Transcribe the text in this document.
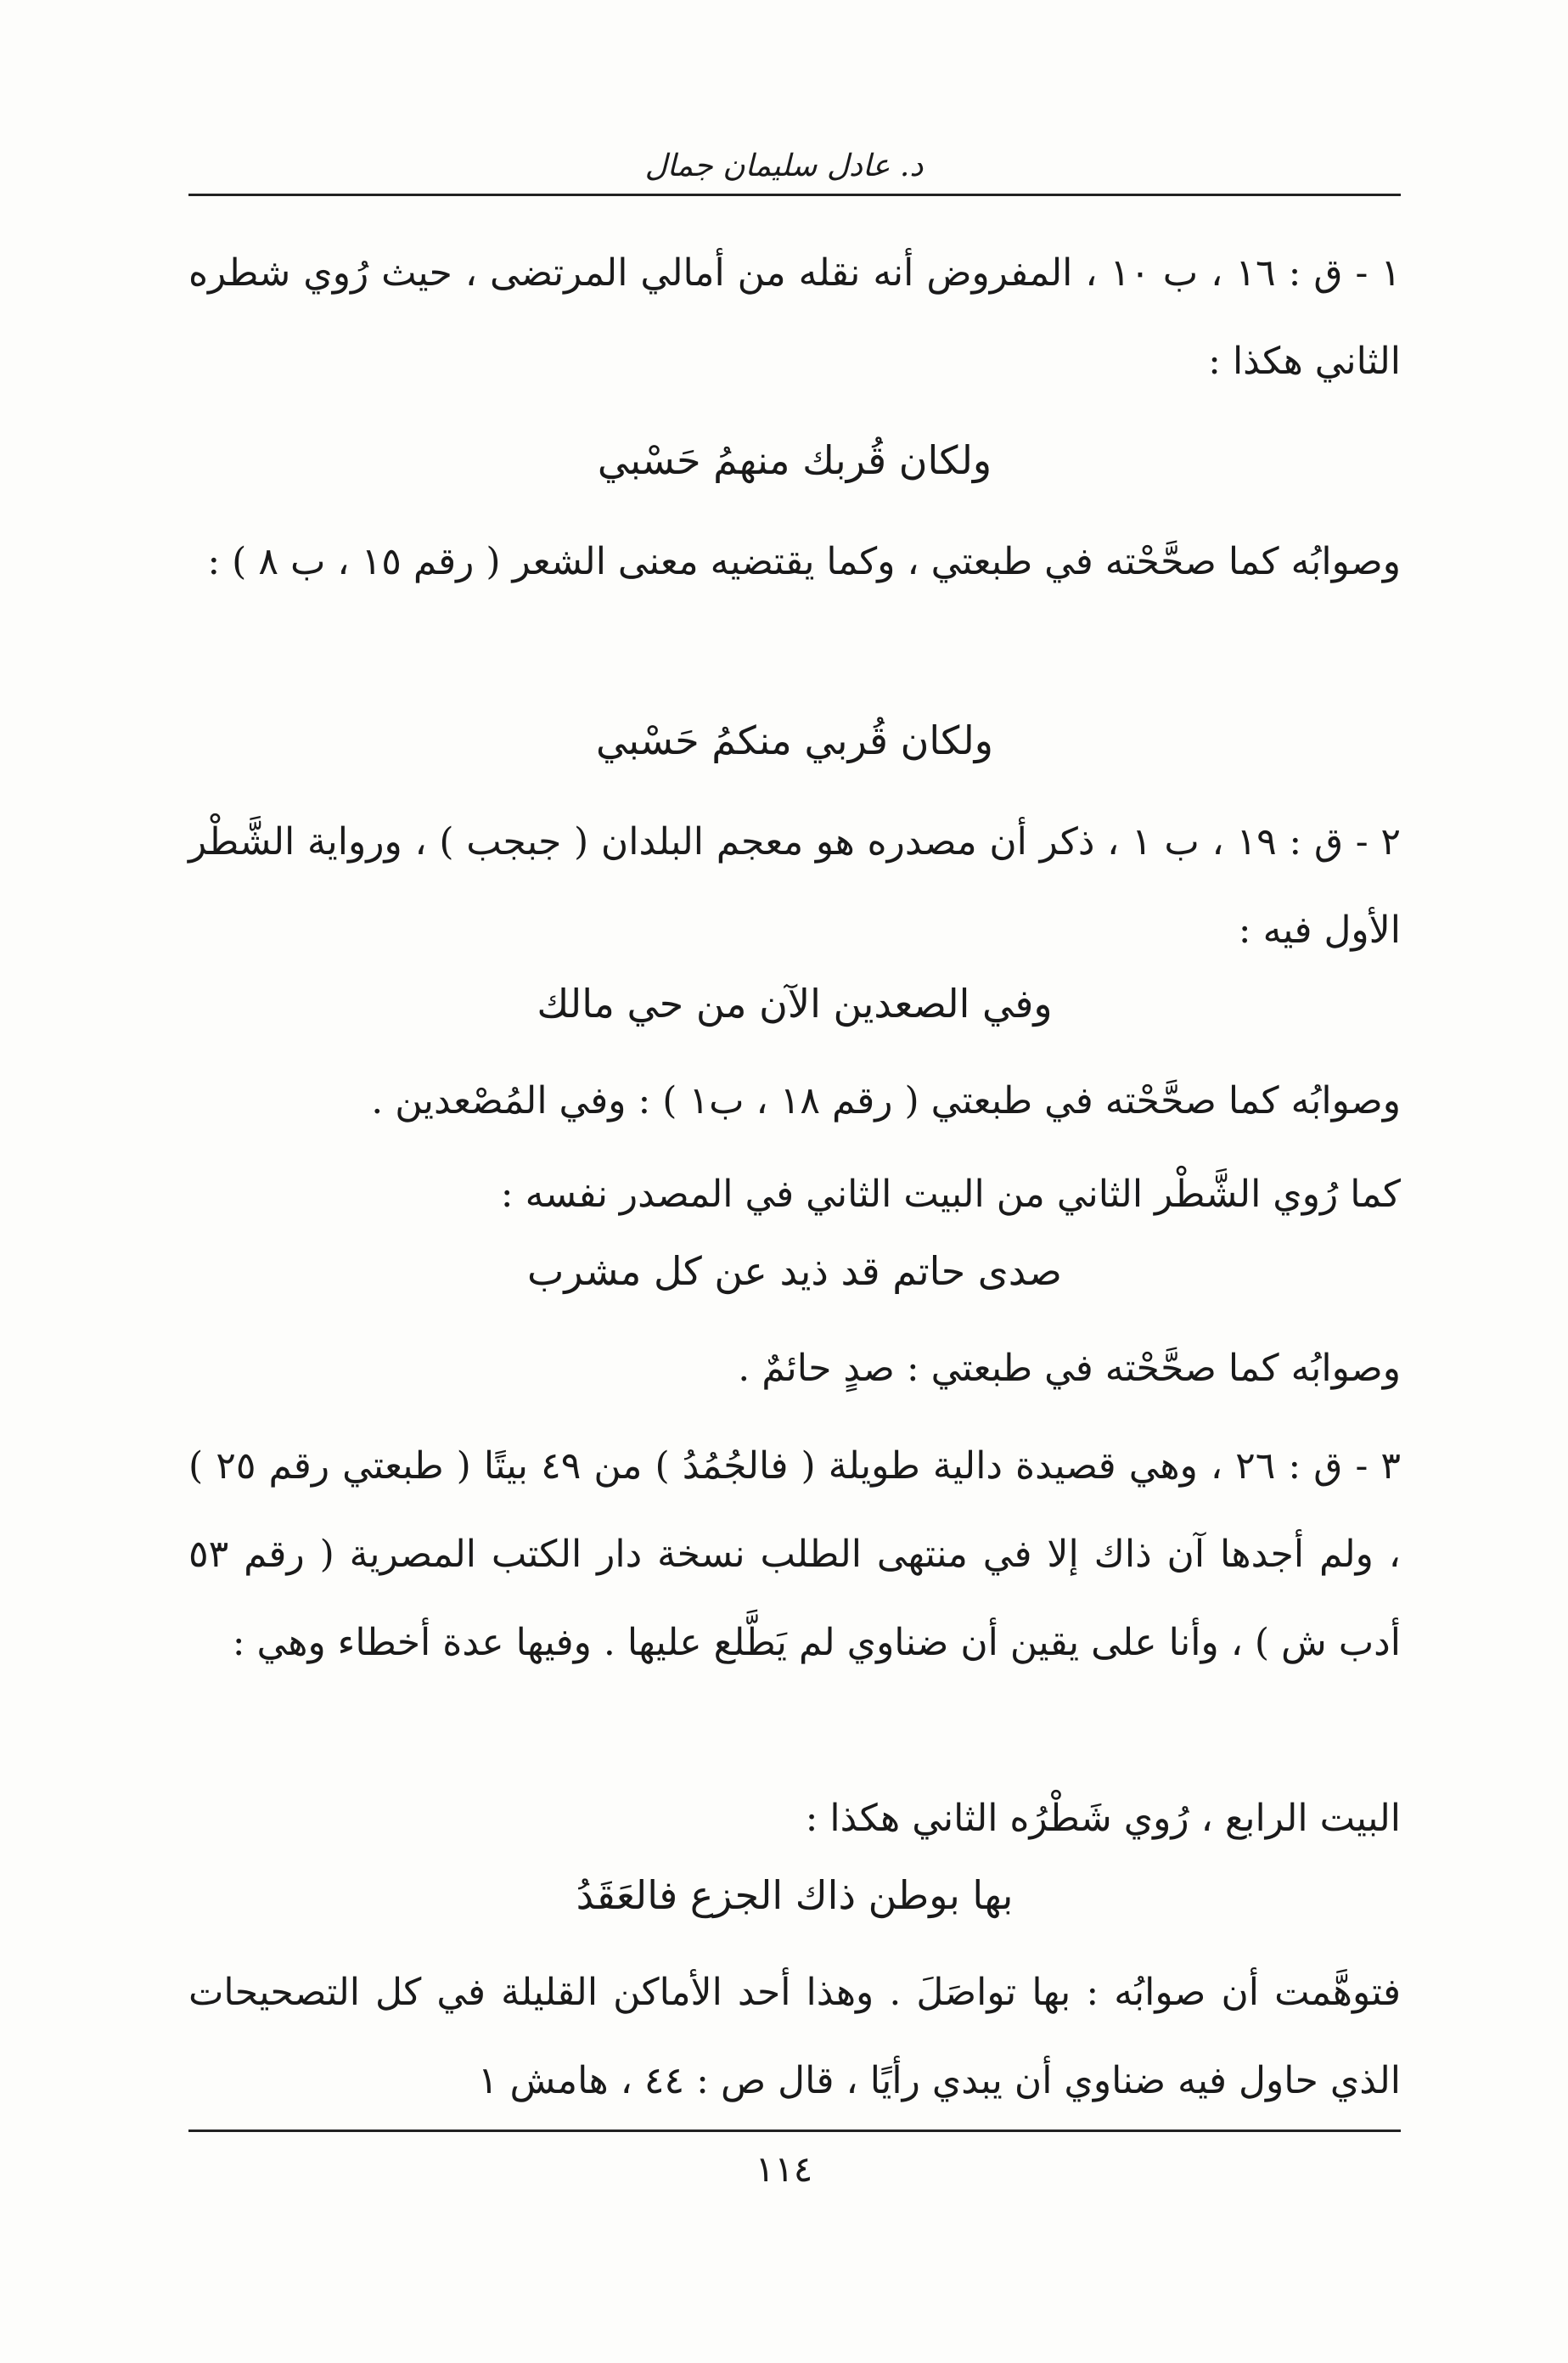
د. عادل سليمان جمال
١ - ق : ١٦ ، ب ١٠ ، المفروض أنه نقله من أمالي المرتضى ، حيث رُوي شطره الثاني هكذا :
ولكان قُربك منهمُ حَسْبي
وصوابُه كما صحَّحْته في طبعتي ، وكما يقتضيه معنى الشعر ( رقم ١٥ ، ب ٨ ) :
ولكان قُربي منكمُ حَسْبي
٢ - ق : ١٩ ، ب ١ ، ذكر أن مصدره هو معجم البلدان ( جبجب ) ، ورواية الشَّطْر الأول فيه :
وفي الصعدين الآن من حي مالك
وصوابُه كما صحَّحْته في طبعتي ( رقم ١٨ ، ب١ ) : وفي المُصْعدين .
كما رُوي الشَّطْر الثاني من البيت الثاني في المصدر نفسه :
صدى حاتم قد ذيد عن كل مشرب
وصوابُه كما صحَّحْته في طبعتي : صدٍ حائمٌ .
٣ - ق : ٢٦ ، وهي قصيدة دالية طويلة ( فالجُمُدُ ) من ٤٩ بيتًا ( طبعتي رقم ٢٥ ) ، ولم أجدها آن ذاك إلا في منتهى الطلب نسخة دار الكتب المصرية ( رقم ٥٣ أدب ش ) ، وأنا على يقين أن ضناوي لم يَطَّلع عليها . وفيها عدة أخطاء وهي :
البيت الرابع ، رُوي شَطْرُه الثاني هكذا :
بها بوطن ذاك الجزع فالعَقَدُ
فتوهَّمت أن صوابُه : بها تواصَلَ . وهذا أحد الأماكن القليلة في كل التصحيحات الذي حاول فيه ضناوي أن يبدي رأيًا ، قال ص : ٤٤ ، هامش ١
١١٤
